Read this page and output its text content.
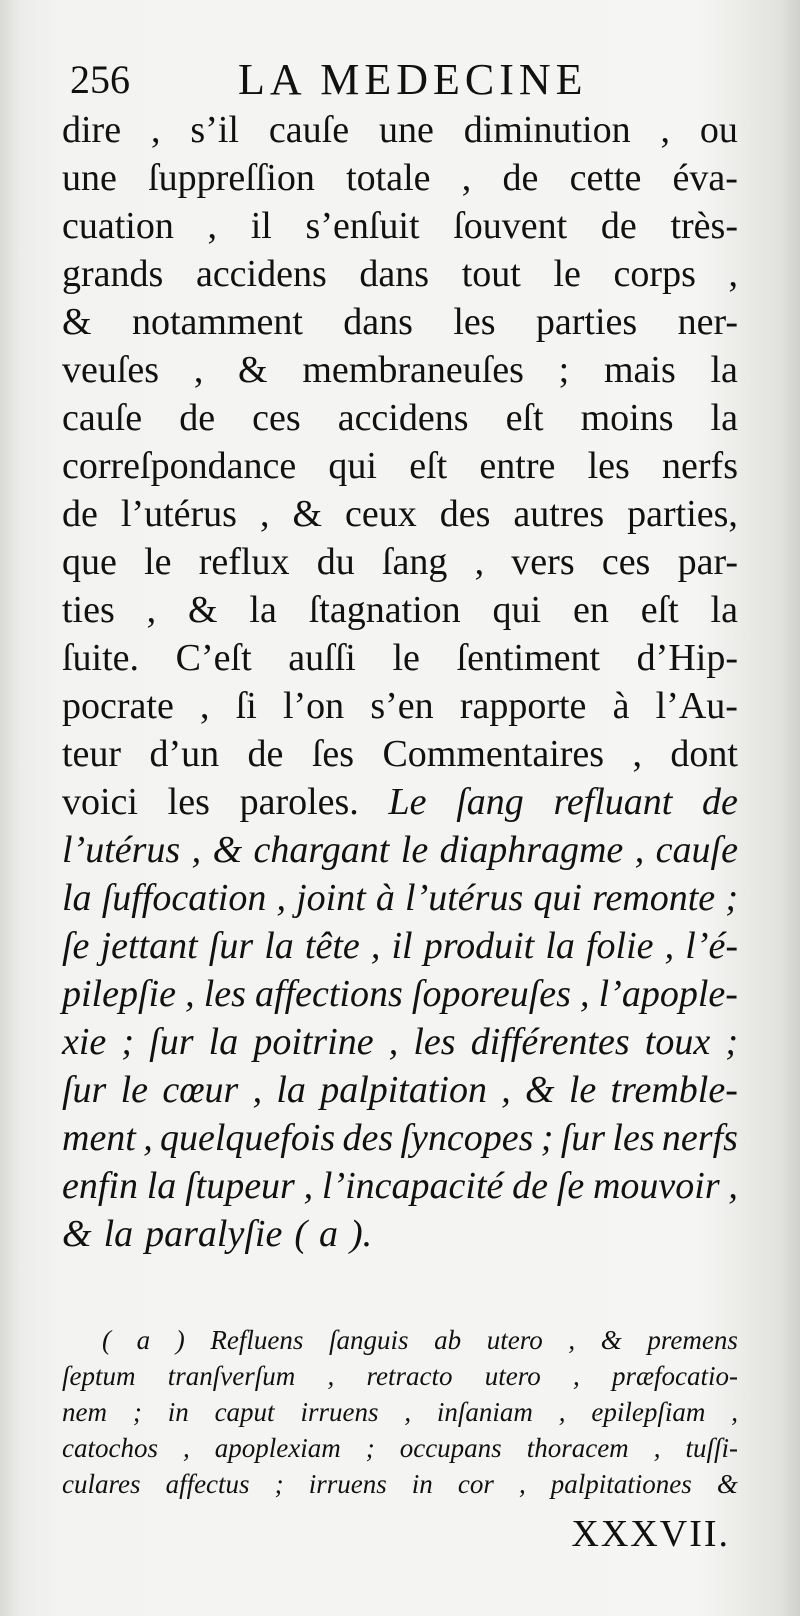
256 LA MEDECINE
dire , s’il cauſe une diminution , ou
une ſuppreſſion totale , de cette éva-
cuation , il s’enſuit ſouvent de très-
grands accidens dans tout le corps ,
& notamment dans les parties ner-
veuſes , & membraneuſes ; mais la
cauſe de ces accidens eſt moins la
correſpondance qui eſt entre les nerfs
de l’utérus , & ceux des autres parties,
que le reflux du ſang , vers ces par-
ties , & la ſtagnation qui en eſt la
ſuite. C’eſt auſſi le ſentiment d’Hip-
pocrate , ſi l’on s’en rapporte à l’Au-
teur d’un de ſes Commentaires , dont
voici les paroles. Le ſang refluant de
l’utérus , & chargant le diaphragme , cauſe
la ſuffocation , joint à l’utérus qui remonte ;
ſe jettant ſur la tête , il produit la folie , l’é-
pilepſie , les affections ſoporeuſes , l’apople-
xie ; ſur la poitrine , les différentes toux ;
ſur le cœur , la palpitation , & le tremble-
ment , quelquefois des ſyncopes ; ſur les nerfs
enfin la ſtupeur , l’incapacité de ſe mouvoir ,
& la paralyſie ( a ).
( a ) Refluens ſanguis ab utero , & premens
ſeptum tranſverſum , retracto utero , præfocatio-
nem ; in caput irruens , inſaniam , epilepſiam ,
catochos , apoplexiam ; occupans thoracem , tuſſi-
culares affectus ; irruens in cor , palpitationes &
XXXVII.
